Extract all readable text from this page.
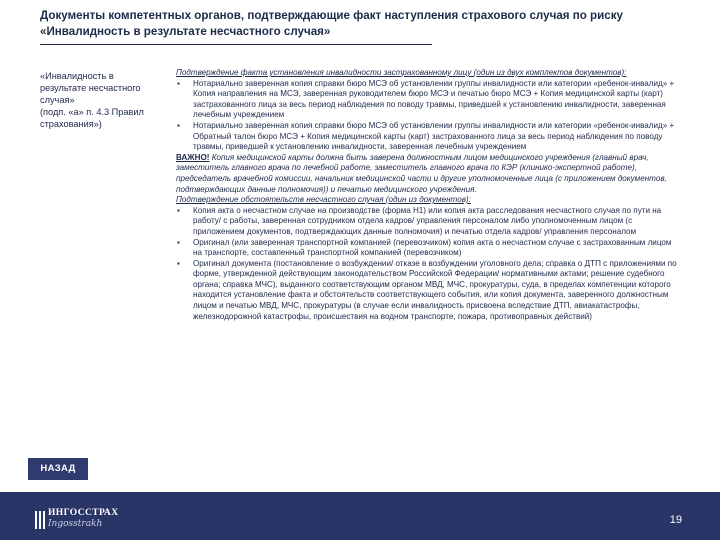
Документы компетентных органов, подтверждающие факт наступления страхового случая по риску «Инвалидность в результате несчастного случая»
«Инвалидность в
результате несчастного
случая»
(подп. «а» п. 4.3 Правил
страхования»)

Подтверждение факта установления инвалидности застрахованному лицу (один из двух комплектов документов):

▪ Нотариально заверенная копия справки бюро МСЭ об установлении группы инвалидности или категории «ребенок-инвалид» + Копия направления на МСЭ, заверенная руководителем бюро МСЭ и печатью бюро МСЭ + Копия медицинской карты (карт) застрахованного лица за весь период наблюдения по поводу травмы, приведшей к установлению инвалидности, заверенная лечебным учреждением

▪ Нотариально заверенная копия справки бюро МСЭ об установлении группы инвалидности или категории «ребенок-инвалид» + Обратный талон бюро МСЭ + Копия медицинской карты (карт) застрахованного лица за весь период наблюдения по поводу травмы, приведшей к установлению инвалидности, заверенная лечебным учреждением

ВАЖНО! Копия медицинской карты должна быть заверена должностным лицом медицинского учреждения (главный врач, заместитель главного врача по лечебной работе, заместитель главного врача по КЭР (клинико-экспертной работе), председатель врачебной комиссии, начальник медицинской части и другие уполномоченные лица (с приложением документов, подтверждающих данные полномочия)) и печатью медицинского учреждения.

Подтверждение обстоятельств несчастного случая (один из документов):

▪ Копия акта о несчастном случае на производстве (форма Н1) или копия акта расследования несчастного случая по пути на работу/ с работы, заверенная сотрудником отдела кадров/ управления персоналом либо уполномоченным лицом (с приложением документов, подтверждающих данные полномочия) и печатью отдела кадров/ управления персоналом

▪ Оригинал (или заверенная транспортной компанией (перевозчиком) копия акта о несчастном случае с застрахованным лицом на транспорте, составленный транспортной компанией (перевозчиком)

▪ Оригинал документа (постановление о возбуждении/ отказе в возбуждении уголовного дела; справка о ДТП с приложениями по форме, утвержденной действующим законодательством Российской Федерации/ нормативными актами; решение судебного органа; справка МЧС), выданного соответствующим органом МВД, МЧС, прокуратуры, суда, в пределах компетенции которого находится установление факта и обстоятельств соответствующего события, или копия документа, заверенного должностным лицом и печатью МВД, МЧС, прокуратуры (в случае если инвалидность присвоена вследствие ДТП, авиакатастрофы, железнодорожной катастрофы, происшествия на водном транспорте, пожара, противоправных действий)

НАЗАД
ИНГОССТРАХ
Ingosstrakh	19
